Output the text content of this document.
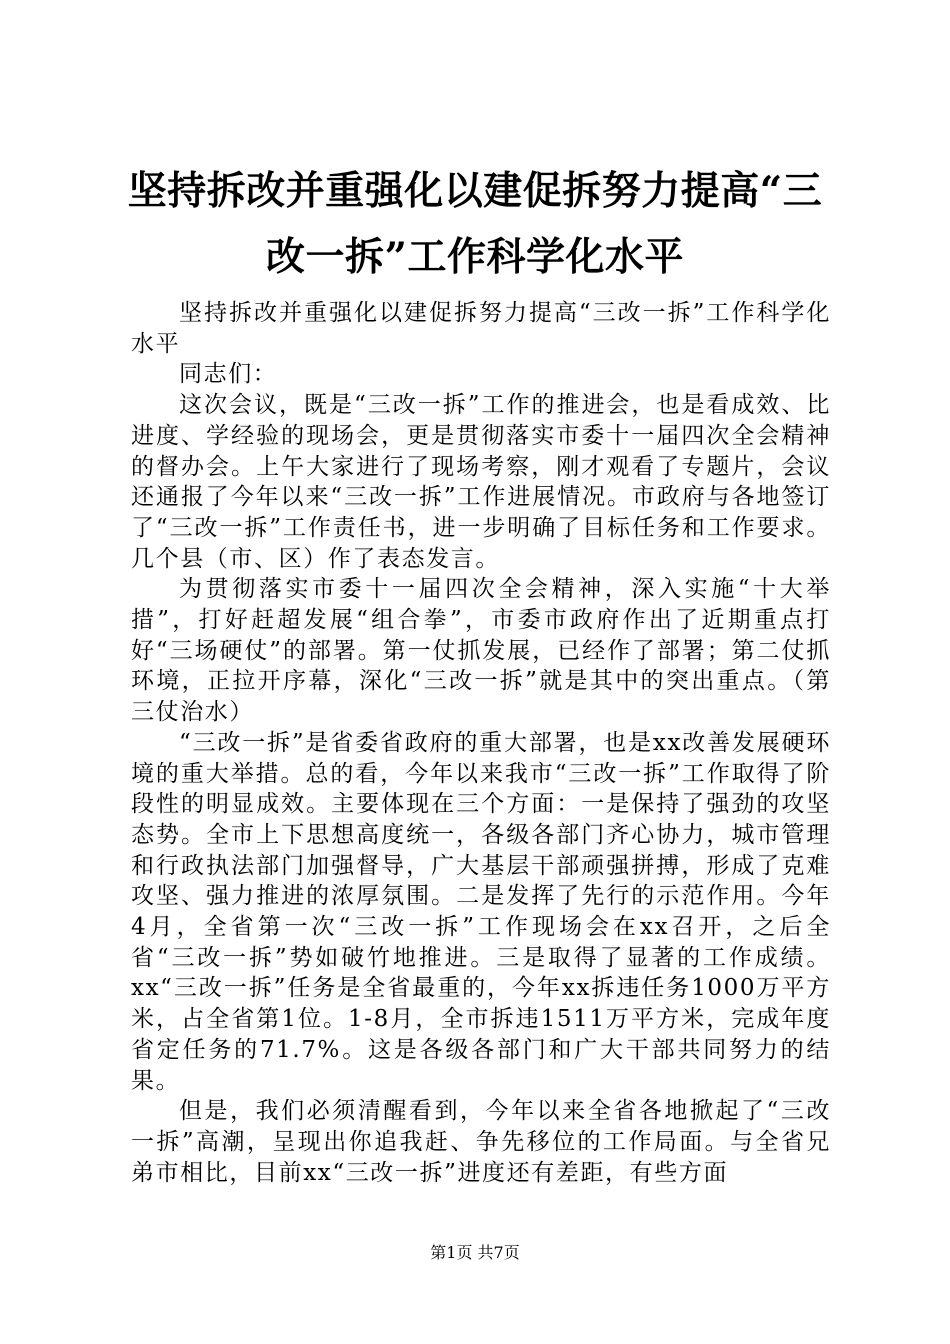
坚持拆改并重强化以建促拆努力提高“三改一拆”工作科学化水平

坚持拆改并重强化以建促拆努力提高“三改一拆”工作科学化水平

同志们：

这次会议，既是“三改一拆”工作的推进会，也是看成效、比进度、学经验的现场会，更是贯彻落实市委十一届四次全会精神的督办会。上午大家进行了现场考察，刚才观看了专题片，会议还通报了今年以来“三改一拆”工作进展情况。市政府与各地签订了“三改一拆”工作责任书，进一步明确了目标任务和工作要求。几个县（市、区）作了表态发言。

为贯彻落实市委十一届四次全会精神，深入实施“十大举措”，打好赶超发展“组合拳”，市委市政府作出了近期重点打好“三场硬仗”的部署。第一仗抓发展，已经作了部署；第二仗抓环境，正拉开序幕，深化“三改一拆”就是其中的突出重点。（第三仗治水）

“三改一拆”是省委省政府的重大部署，也是xx改善发展硬环境的重大举措。总的看，今年以来我市“三改一拆”工作取得了阶段性的明显成效。主要体现在三个方面：一是保持了强劲的攻坚态势。全市上下思想高度统一，各级各部门齐心协力，城市管理和行政执法部门加强督导，广大基层干部顽强拼搏，形成了克难攻坚、强力推进的浓厚氛围。二是发挥了先行的示范作用。今年4月，全省第一次“三改一拆”工作现场会在xx召开，之后全省“三改一拆”势如破竹地推进。三是取得了显著的工作成绩。xx“三改一拆”任务是全省最重的，今年xx拆违任务1000万平方米，占全省第1位。1-8月，全市拆违1511万平方米，完成年度省定任务的71.7%。这是各级各部门和广大干部共同努力的结果。

但是，我们必须清醒看到，今年以来全省各地掀起了“三改一拆”高潮，呈现出你追我赶、争先移位的工作局面。与全省兄弟市相比，目前xx“三改一拆”进度还有差距，有些方面

第1页 共7页
